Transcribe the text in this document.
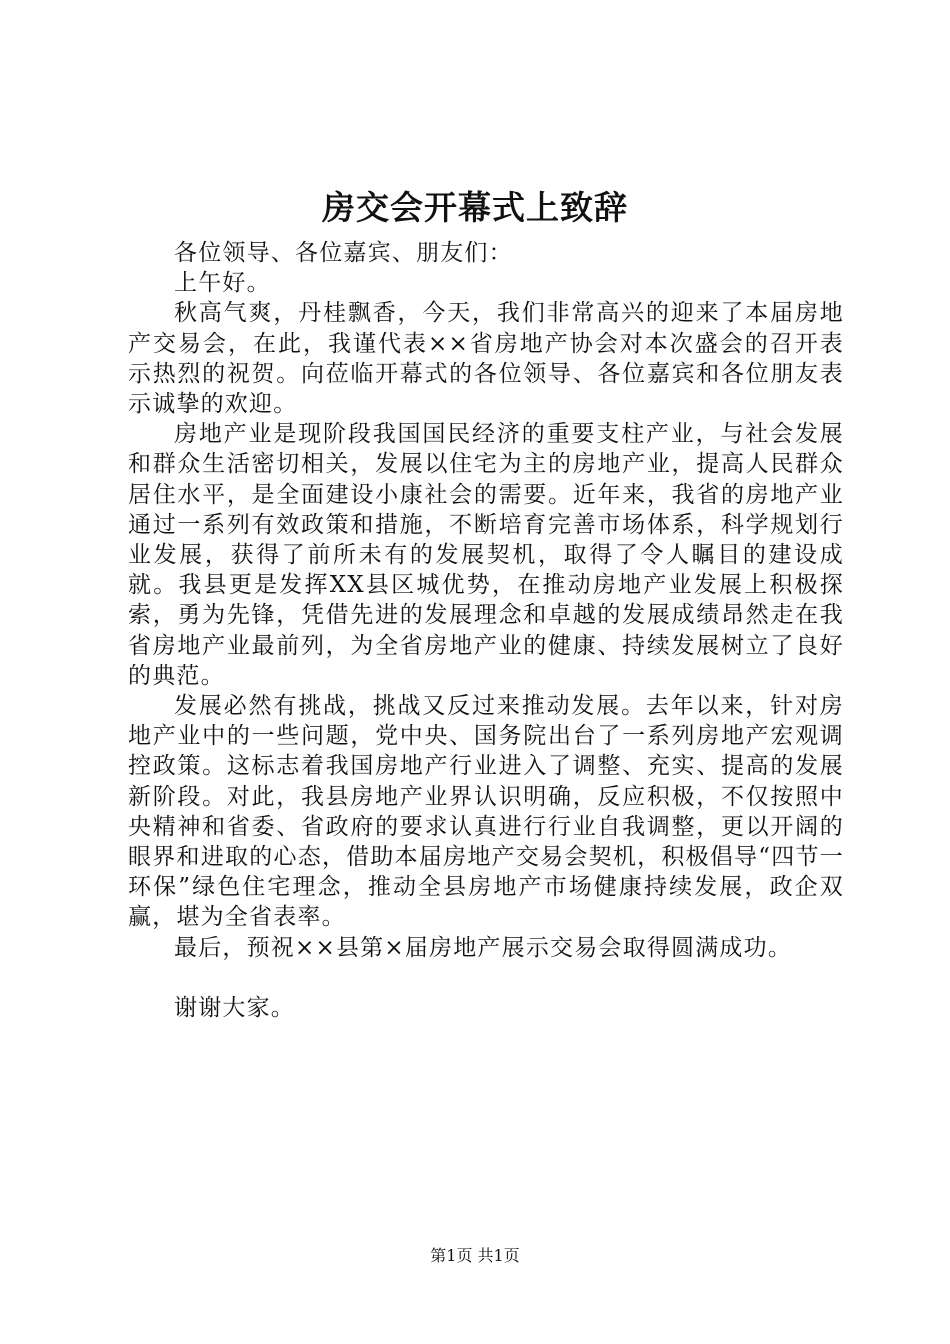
房交会开幕式上致辞

各位领导、各位嘉宾、朋友们：

上午好。

秋高气爽，丹桂飘香，今天，我们非常高兴的迎来了本届房地产交易会，在此，我谨代表××省房地产协会对本次盛会的召开表示热烈的祝贺。向莅临开幕式的各位领导、各位嘉宾和各位朋友表示诚挚的欢迎。

房地产业是现阶段我国国民经济的重要支柱产业，与社会发展和群众生活密切相关，发展以住宅为主的房地产业，提高人民群众居住水平，是全面建设小康社会的需要。近年来，我省的房地产业通过一系列有效政策和措施，不断培育完善市场体系，科学规划行业发展，获得了前所未有的发展契机，取得了令人瞩目的建设成就。我县更是发挥XX县区城优势，在推动房地产业发展上积极探索，勇为先锋，凭借先进的发展理念和卓越的发展成绩昂然走在我省房地产业最前列，为全省房地产业的健康、持续发展树立了良好的典范。

发展必然有挑战，挑战又反过来推动发展。去年以来，针对房地产业中的一些问题，党中央、国务院出台了一系列房地产宏观调控政策。这标志着我国房地产行业进入了调整、充实、提高的发展新阶段。对此，我县房地产业界认识明确，反应积极，不仅按照中央精神和省委、省政府的要求认真进行行业自我调整，更以开阔的眼界和进取的心态，借助本届房地产交易会契机，积极倡导“四节一环保”绿色住宅理念，推动全县房地产市场健康持续发展，政企双赢，堪为全省表率。

最后，预祝××县第×届房地产展示交易会取得圆满成功。

谢谢大家。

第1页 共1页
